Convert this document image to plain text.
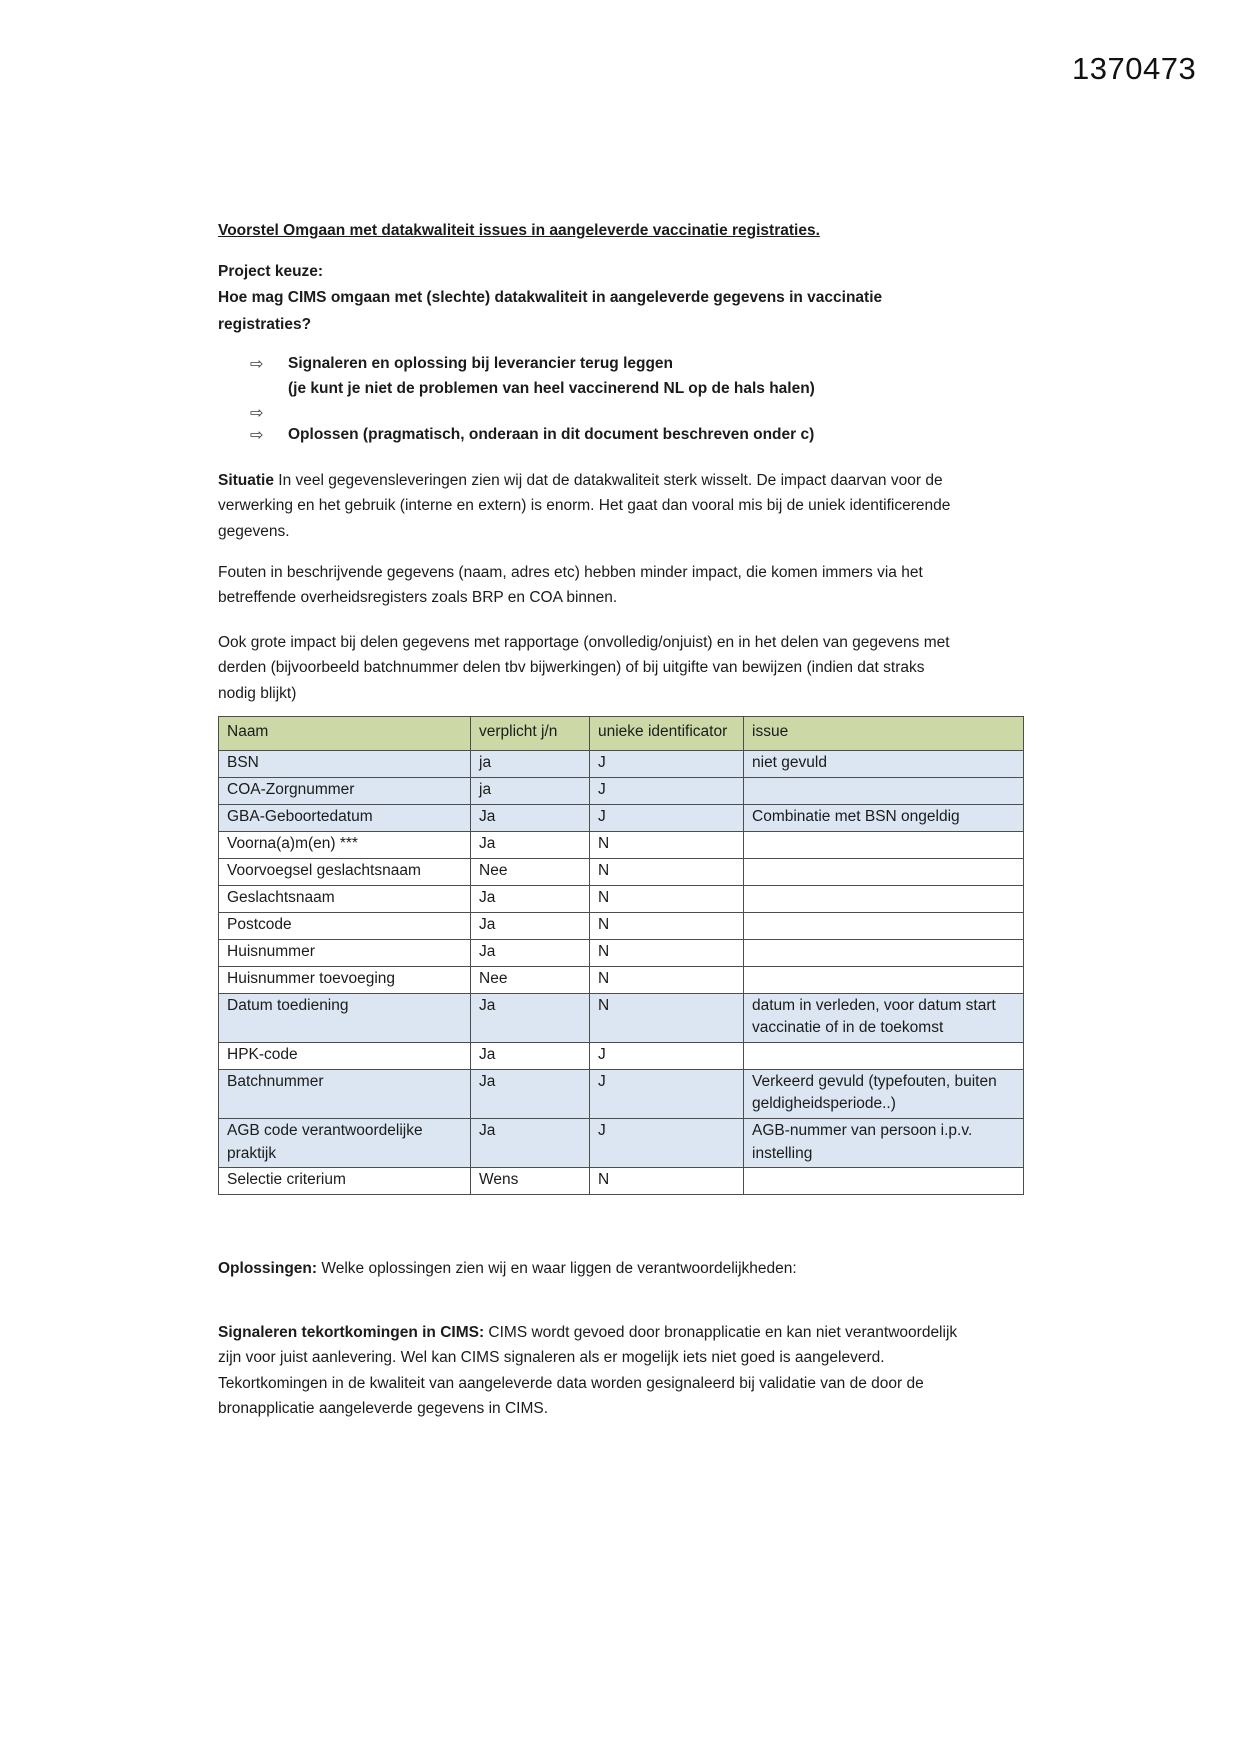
1370473
Voorstel Omgaan met datakwaliteit issues in aangeleverde vaccinatie registraties.
Project keuze:
Hoe mag CIMS omgaan met (slechte) datakwaliteit in aangeleverde gegevens in vaccinatie registraties?
⇨	Signaleren en oplossing bij leverancier terug leggen
(je kunt je niet de problemen van heel vaccinerend NL op de hals halen)
⇨
⇨	Oplossen (pragmatisch, onderaan in dit document beschreven onder c)
Situatie In veel gegevensleveringen zien wij dat de datakwaliteit sterk wisselt. De impact daarvan voor de verwerking en het gebruik (interne en extern) is enorm. Het gaat dan vooral mis bij de uniek identificerende gegevens.
Fouten in beschrijvende gegevens (naam, adres etc) hebben minder impact, die komen immers via het betreffende overheidsregisters zoals BRP en COA binnen.
Ook grote impact bij delen gegevens met rapportage (onvolledig/onjuist) en in het delen van gegevens met derden (bijvoorbeeld batchnummer delen tbv bijwerkingen) of bij uitgifte van bewijzen (indien dat straks nodig blijkt)
Naam	verplicht j/n	unieke identificator	issue
BSN	ja	J	niet gevuld
COA-Zorgnummer	ja	J	
GBA-Geboortedatum	Ja	J	Combinatie met BSN ongeldig
Voorna(a)m(en) ***	Ja	N	
Voorvoegsel geslachtsnaam	Nee	N	
Geslachtsnaam	Ja	N	
Postcode	Ja	N	
Huisnummer	Ja	N	
Huisnummer toevoeging	Nee	N	
Datum toediening	Ja	N	datum in verleden, voor datum start vaccinatie of in de toekomst
HPK-code	Ja	J	
Batchnummer	Ja	J	Verkeerd gevuld (typefouten, buiten geldigheidsperiode..)
AGB code verantwoordelijke praktijk	Ja	J	AGB-nummer van persoon i.p.v. instelling
Selectie criterium	Wens	N	
Oplossingen: Welke oplossingen zien wij en waar liggen de verantwoordelijkheden:
Signaleren tekortkomingen in CIMS: CIMS wordt gevoed door bronapplicatie en kan niet verantwoordelijk zijn voor juist aanlevering. Wel kan CIMS signaleren als er mogelijk iets niet goed is aangeleverd. Tekortkomingen in de kwaliteit van aangeleverde data worden gesignaleerd bij validatie van de door de bronapplicatie aangeleverde gegevens in CIMS.
